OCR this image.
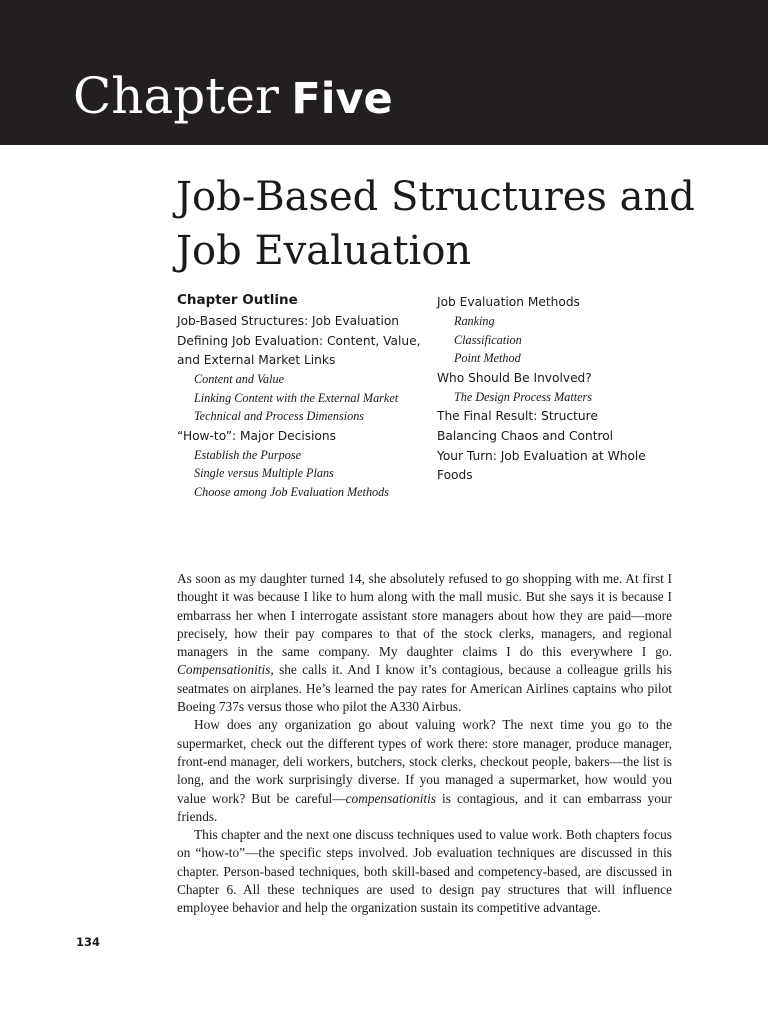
Chapter Five
Job-Based Structures and
Job Evaluation
Chapter Outline
Job-Based Structures: Job Evaluation
Defining Job Evaluation: Content, Value, and External Market Links
Content and Value
Linking Content with the External Market
Technical and Process Dimensions
“How-to”: Major Decisions
Establish the Purpose
Single versus Multiple Plans
Choose among Job Evaluation Methods
Job Evaluation Methods
Ranking
Classification
Point Method
Who Should Be Involved?
The Design Process Matters
The Final Result: Structure
Balancing Chaos and Control
Your Turn: Job Evaluation at Whole Foods

As soon as my daughter turned 14, she absolutely refused to go shopping with me. At first I thought it was because I like to hum along with the mall music. But she says it is because I embarrass her when I interrogate assistant store managers about how they are paid—more precisely, how their pay compares to that of the stock clerks, managers, and regional managers in the same company. My daughter claims I do this everywhere I go. Compensationitis, she calls it. And I know it’s contagious, because a colleague grills his seatmates on airplanes. He’s learned the pay rates for American Airlines captains who pilot Boeing 737s versus those who pilot the A330 Airbus.

How does any organization go about valuing work? The next time you go to the supermarket, check out the different types of work there: store manager, produce manager, front-end manager, deli workers, butchers, stock clerks, checkout people, bakers—the list is long, and the work surprisingly diverse. If you managed a supermarket, how would you value work? But be careful—compensationitis is contagious, and it can embarrass your friends.

This chapter and the next one discuss techniques used to value work. Both chapters focus on “how-to”—the specific steps involved. Job evaluation techniques are discussed in this chapter. Person-based techniques, both skill-based and competency-based, are discussed in Chapter 6. All these techniques are used to design pay structures that will influence employee behavior and help the organization sustain its competitive advantage.

134
